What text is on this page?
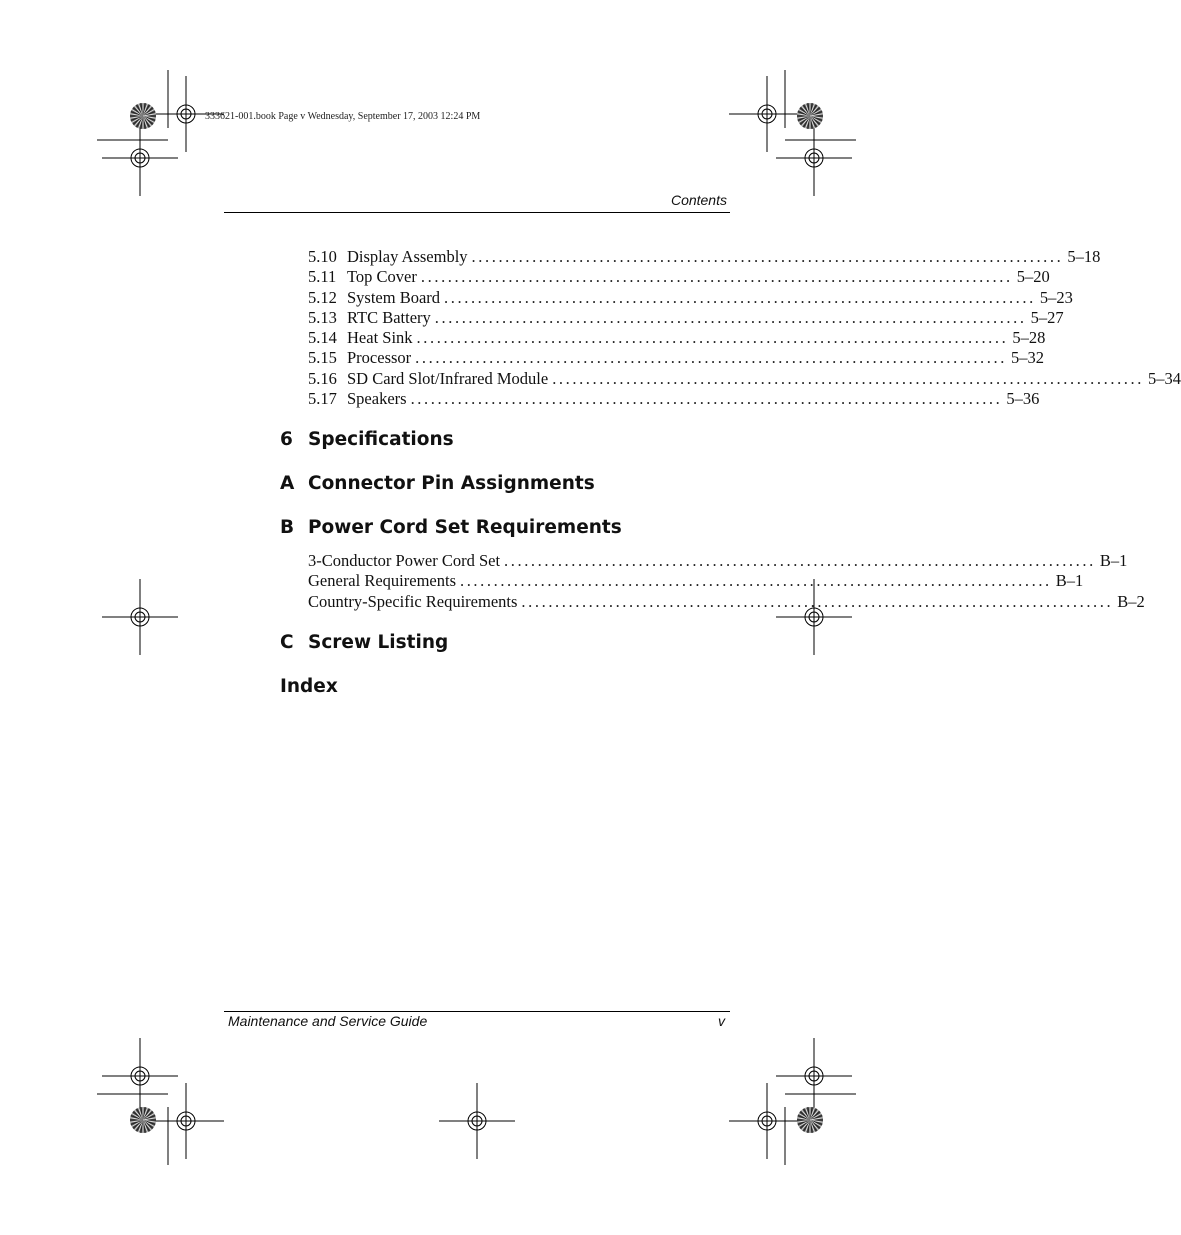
333621-001.book Page v Wednesday, September 17, 2003 12:24 PM
Contents
5.10 Display Assembly ........................................................................................ 5–18
5.11 Top Cover ........................................................................................ 5–20
5.12 System Board ........................................................................................ 5–23
5.13 RTC Battery ........................................................................................ 5–27
5.14 Heat Sink ........................................................................................ 5–28
5.15 Processor ........................................................................................ 5–32
5.16 SD Card Slot/Infrared Module ........................................................................................ 5–34
5.17 Speakers ........................................................................................ 5–36
6 Specifications
A Connector Pin Assignments
B Power Cord Set Requirements
3-Conductor Power Cord Set ........................................................................................ B–1
General Requirements ........................................................................................ B–1
Country-Specific Requirements ........................................................................................ B–2
C Screw Listing
Index
Maintenance and Service Guide	v
